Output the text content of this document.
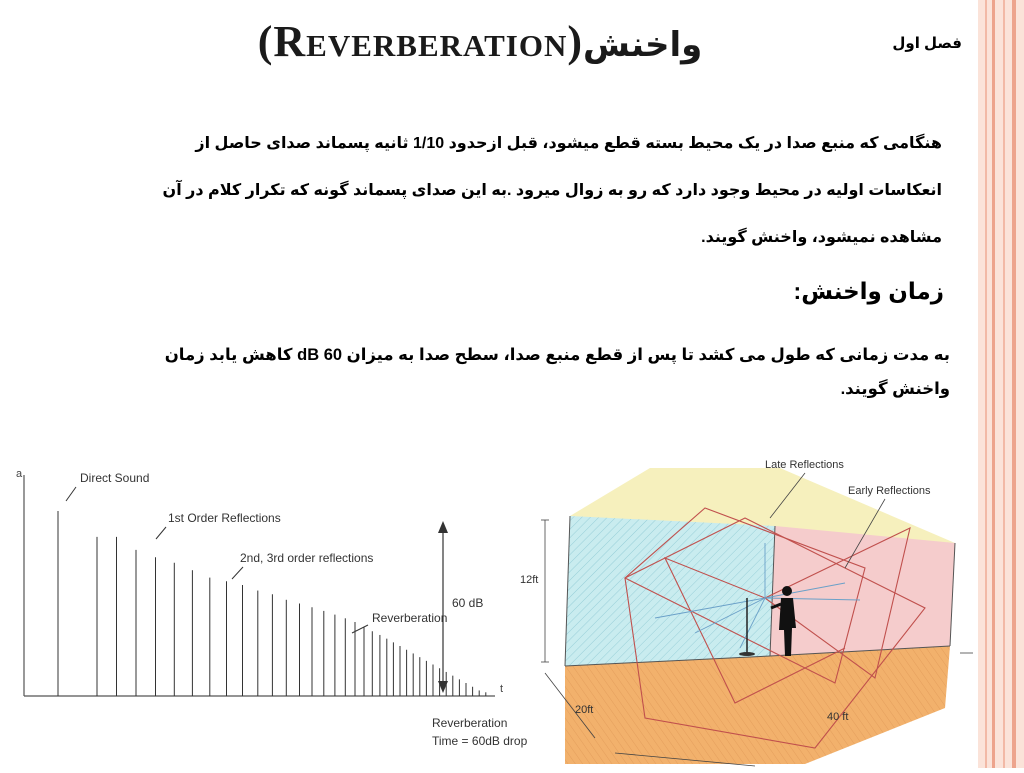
(Reverberation)واخنش	فصل اول
هنگامی که منبع صدا در یک محیط بسته قطع میشود، قبل ازحدود 1/10 ثانیه پسماند صدای حاصل از
انعکاسات اولیه در محیط وجود دارد که رو به زوال میرود .به این صدای پسماند گونه که تکرار کلام در آن
مشاهده نمیشود، واخنش گویند.
زمان واخنش:
به مدت زمانی که طول می کشد تا پس از قطع منبع صدا، سطح صدا به میزان dB 60 کاهش یابد زمان
واخنش گویند.
a
t
Direct Sound
1st Order Reflections
2nd, 3rd order reflections
Reverberation
60 dB
Reverberation
Time = 60dB drop
12ft
20ft
40 ft
Late Reflections
Early Reflections
